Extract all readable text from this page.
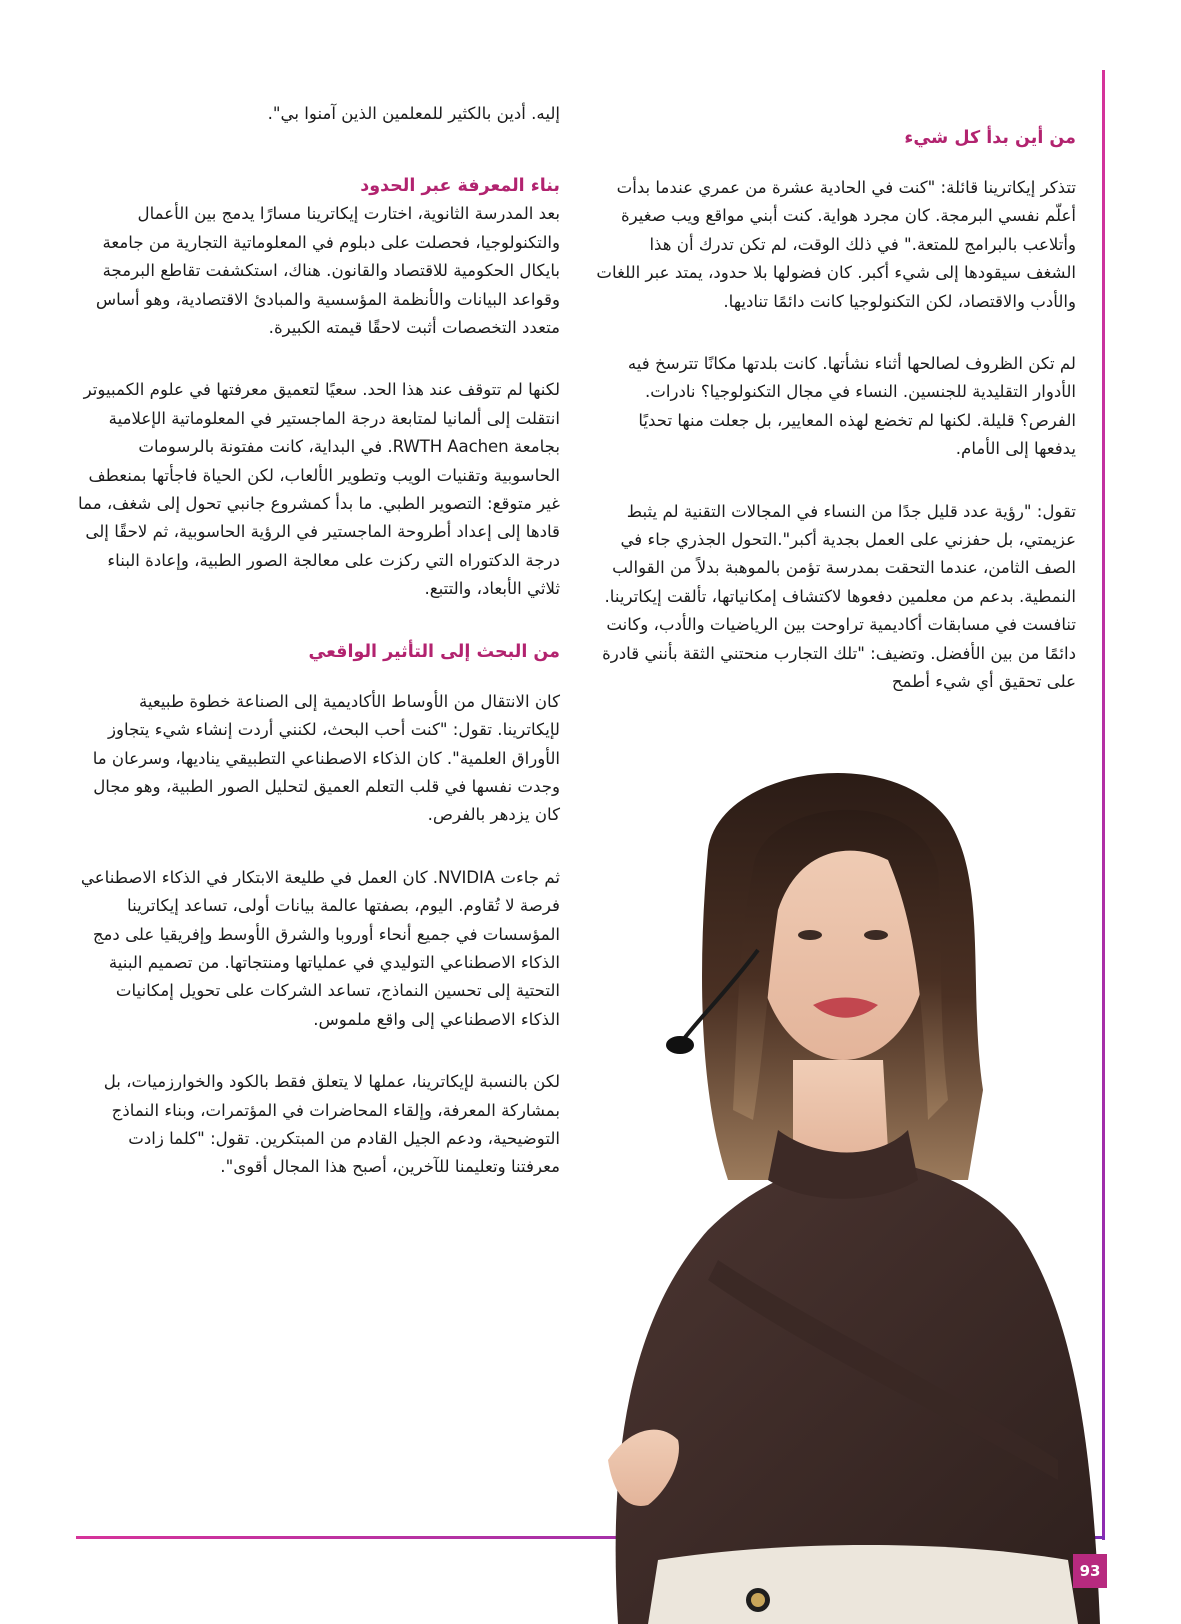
من أين بدأ كل شيء

تتذكر إيكاترينا قائلة: "كنت في الحادية عشرة من عمري عندما بدأت أعلّم نفسي البرمجة. كان مجرد هواية. كنت أبني مواقع ويب صغيرة وأتلاعب بالبرامج للمتعة." في ذلك الوقت، لم تكن تدرك أن هذا الشغف سيقودها إلى شيء أكبر. كان فضولها بلا حدود، يمتد عبر اللغات والأدب والاقتصاد، لكن التكنولوجيا كانت دائمًا تناديها.

لم تكن الظروف لصالحها أثناء نشأتها. كانت بلدتها مكانًا تترسخ فيه الأدوار التقليدية للجنسين. النساء في مجال التكنولوجيا؟ نادرات. الفرص؟ قليلة. لكنها لم تخضع لهذه المعايير، بل جعلت منها تحديًا يدفعها إلى الأمام.

تقول: "رؤية عدد قليل جدًا من النساء في المجالات التقنية لم يثبط عزيمتي، بل حفزني على العمل بجدية أكبر".التحول الجذري جاء في الصف الثامن، عندما التحقت بمدرسة تؤمن بالموهبة بدلاً من القوالب النمطية. بدعم من معلمين دفعوها لاكتشاف إمكانياتها، تألقت إيكاترينا. تنافست في مسابقات أكاديمية تراوحت بين الرياضيات والأدب، وكانت دائمًا من بين الأفضل. وتضيف: "تلك التجارب منحتني الثقة بأنني قادرة على تحقيق أي شيء أطمح

إليه. أدين بالكثير للمعلمين الذين آمنوا بي".

بناء المعرفة عبر الحدود

بعد المدرسة الثانوية، اختارت إيكاترينا مسارًا يدمج بين الأعمال والتكنولوجيا، فحصلت على دبلوم في المعلوماتية التجارية من جامعة بايكال الحكومية للاقتصاد والقانون. هناك، استكشفت تقاطع البرمجة وقواعد البيانات والأنظمة المؤسسية والمبادئ الاقتصادية، وهو أساس متعدد التخصصات أثبت لاحقًا قيمته الكبيرة.

لكنها لم تتوقف عند هذا الحد. سعيًا لتعميق معرفتها في علوم الكمبيوتر انتقلت إلى ألمانيا لمتابعة درجة الماجستير في المعلوماتية الإعلامية بجامعة RWTH Aachen. في البداية، كانت مفتونة بالرسومات الحاسوبية وتقنيات الويب وتطوير الألعاب، لكن الحياة فاجأتها بمنعطف غير متوقع: التصوير الطبي. ما بدأ كمشروع جانبي تحول إلى شغف، مما قادها إلى إعداد أطروحة الماجستير في الرؤية الحاسوبية، ثم لاحقًا إلى درجة الدكتوراه التي ركزت على معالجة الصور الطبية، وإعادة البناء ثلاثي الأبعاد، والتتبع.

من البحث إلى التأثير الواقعي

كان الانتقال من الأوساط الأكاديمية إلى الصناعة خطوة طبيعية لإيكاترينا. تقول: "كنت أحب البحث، لكنني أردت إنشاء شيء يتجاوز الأوراق العلمية". كان الذكاء الاصطناعي التطبيقي يناديها، وسرعان ما وجدت نفسها في قلب التعلم العميق لتحليل الصور الطبية، وهو مجال كان يزدهر بالفرص.

ثم جاءت NVIDIA. كان العمل في طليعة الابتكار في الذكاء الاصطناعي فرصة لا تُقاوم. اليوم، بصفتها عالمة بيانات أولى، تساعد إيكاترينا المؤسسات في جميع أنحاء أوروبا والشرق الأوسط وإفريقيا على دمج الذكاء الاصطناعي التوليدي في عملياتها ومنتجاتها. من تصميم البنية التحتية إلى تحسين النماذج، تساعد الشركات على تحويل إمكانيات الذكاء الاصطناعي إلى واقع ملموس.

لكن بالنسبة لإيكاترينا، عملها لا يتعلق فقط بالكود والخوارزميات، بل بمشاركة المعرفة، وإلقاء المحاضرات في المؤتمرات، وبناء النماذج التوضيحية، ودعم الجيل القادم من المبتكرين. تقول: "كلما زادت معرفتنا وتعليمنا للآخرين، أصبح هذا المجال أقوى".

93
